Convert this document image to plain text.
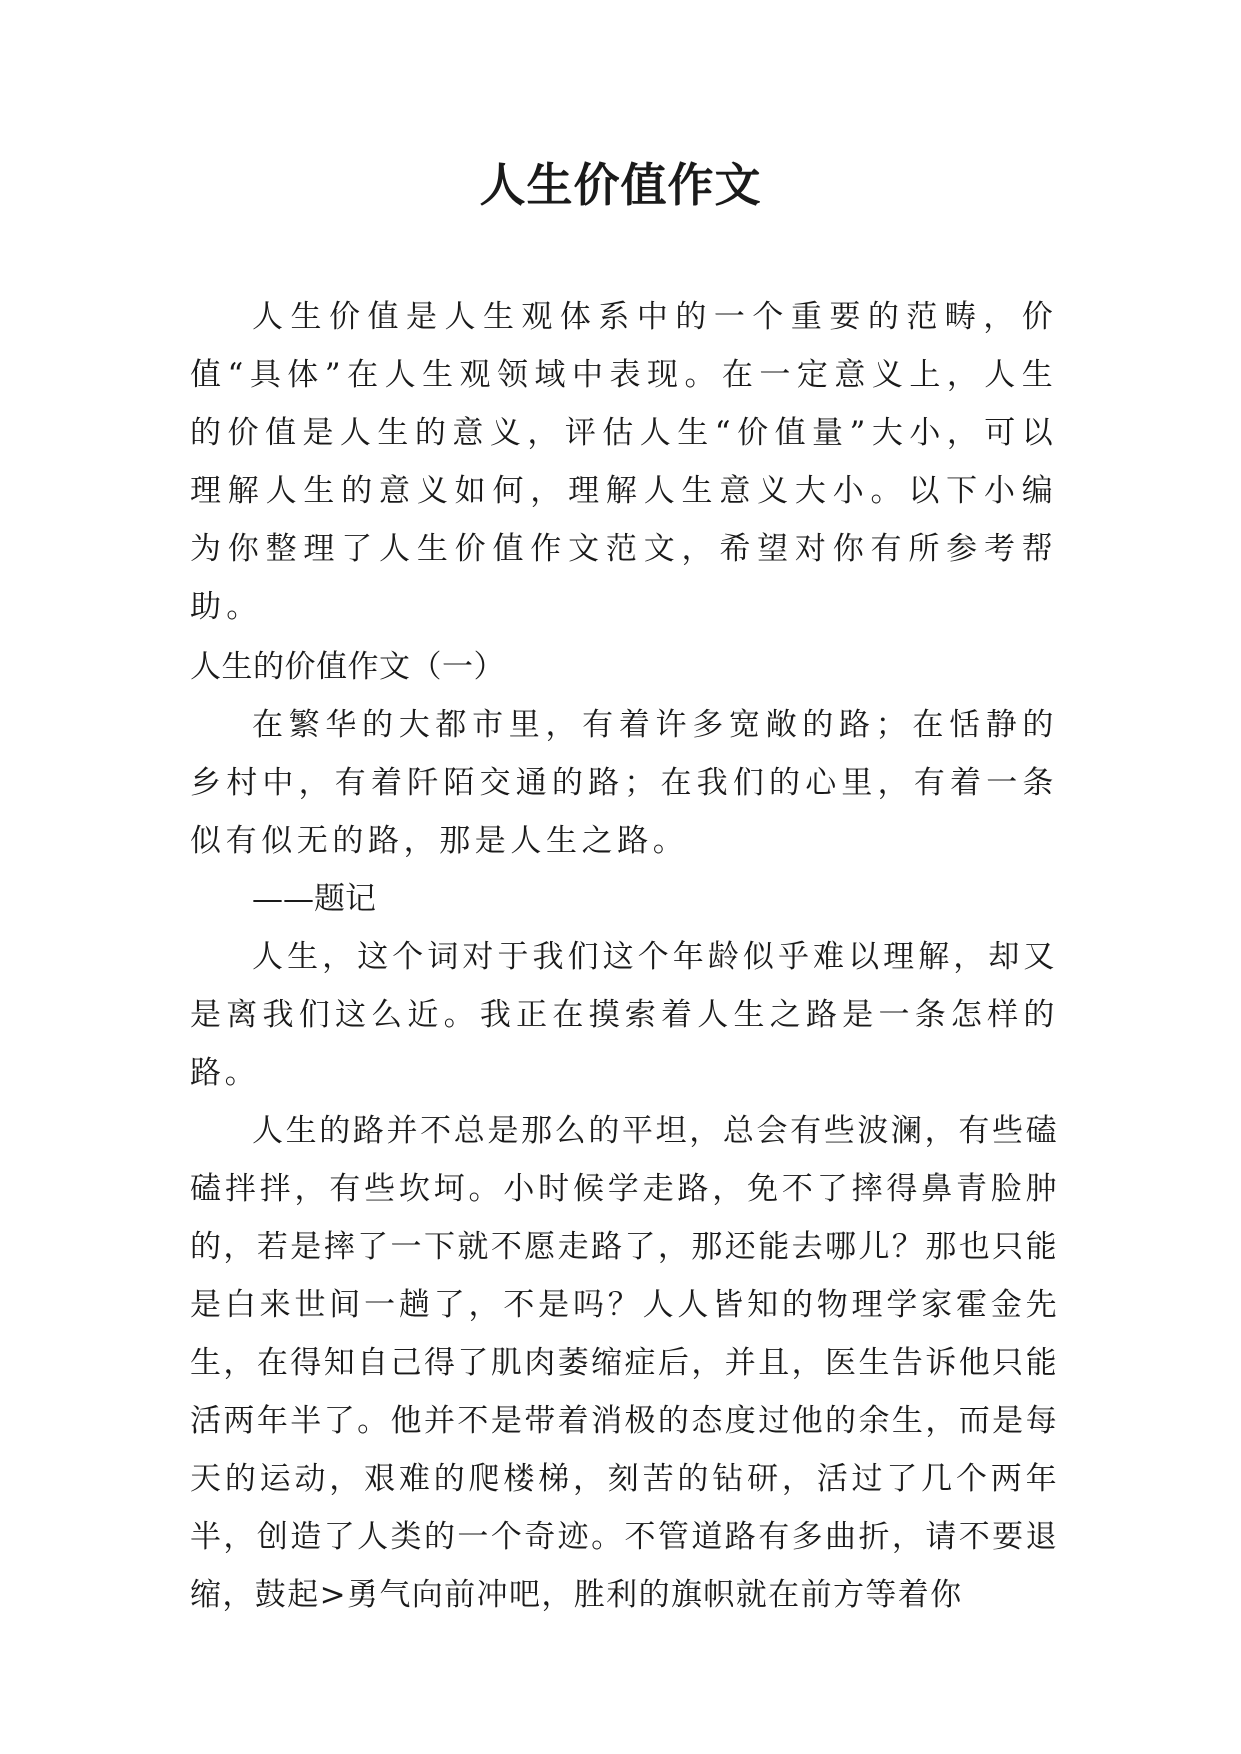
人生价值作文

人生价值是人生观体系中的一个重要的范畴，价值“具体”在人生观领域中表现。在一定意义上，人生的价值是人生的意义，评估人生“价值量”大小，可以理解人生的意义如何，理解人生意义大小。以下小编为你整理了人生价值作文范文，希望对你有所参考帮助。

人生的价值作文（一）

在繁华的大都市里，有着许多宽敞的路；在恬静的乡村中，有着阡陌交通的路；在我们的心里，有着一条似有似无的路，那是人生之路。

——题记

人生，这个词对于我们这个年龄似乎难以理解，却又是离我们这么近。我正在摸索着人生之路是一条怎样的路。

人生的路并不总是那么的平坦，总会有些波澜，有些磕磕拌拌，有些坎坷。小时候学走路，免不了摔得鼻青脸肿的，若是摔了一下就不愿走路了，那还能去哪儿？那也只能是白来世间一趟了，不是吗？人人皆知的物理学家霍金先生，在得知自己得了肌肉萎缩症后，并且，医生告诉他只能活两年半了。他并不是带着消极的态度过他的余生，而是每天的运动，艰难的爬楼梯，刻苦的钻研，活过了几个两年半，创造了人类的一个奇迹。不管道路有多曲折，请不要退缩，鼓起>勇气向前冲吧，胜利的旗帜就在前方等着你
